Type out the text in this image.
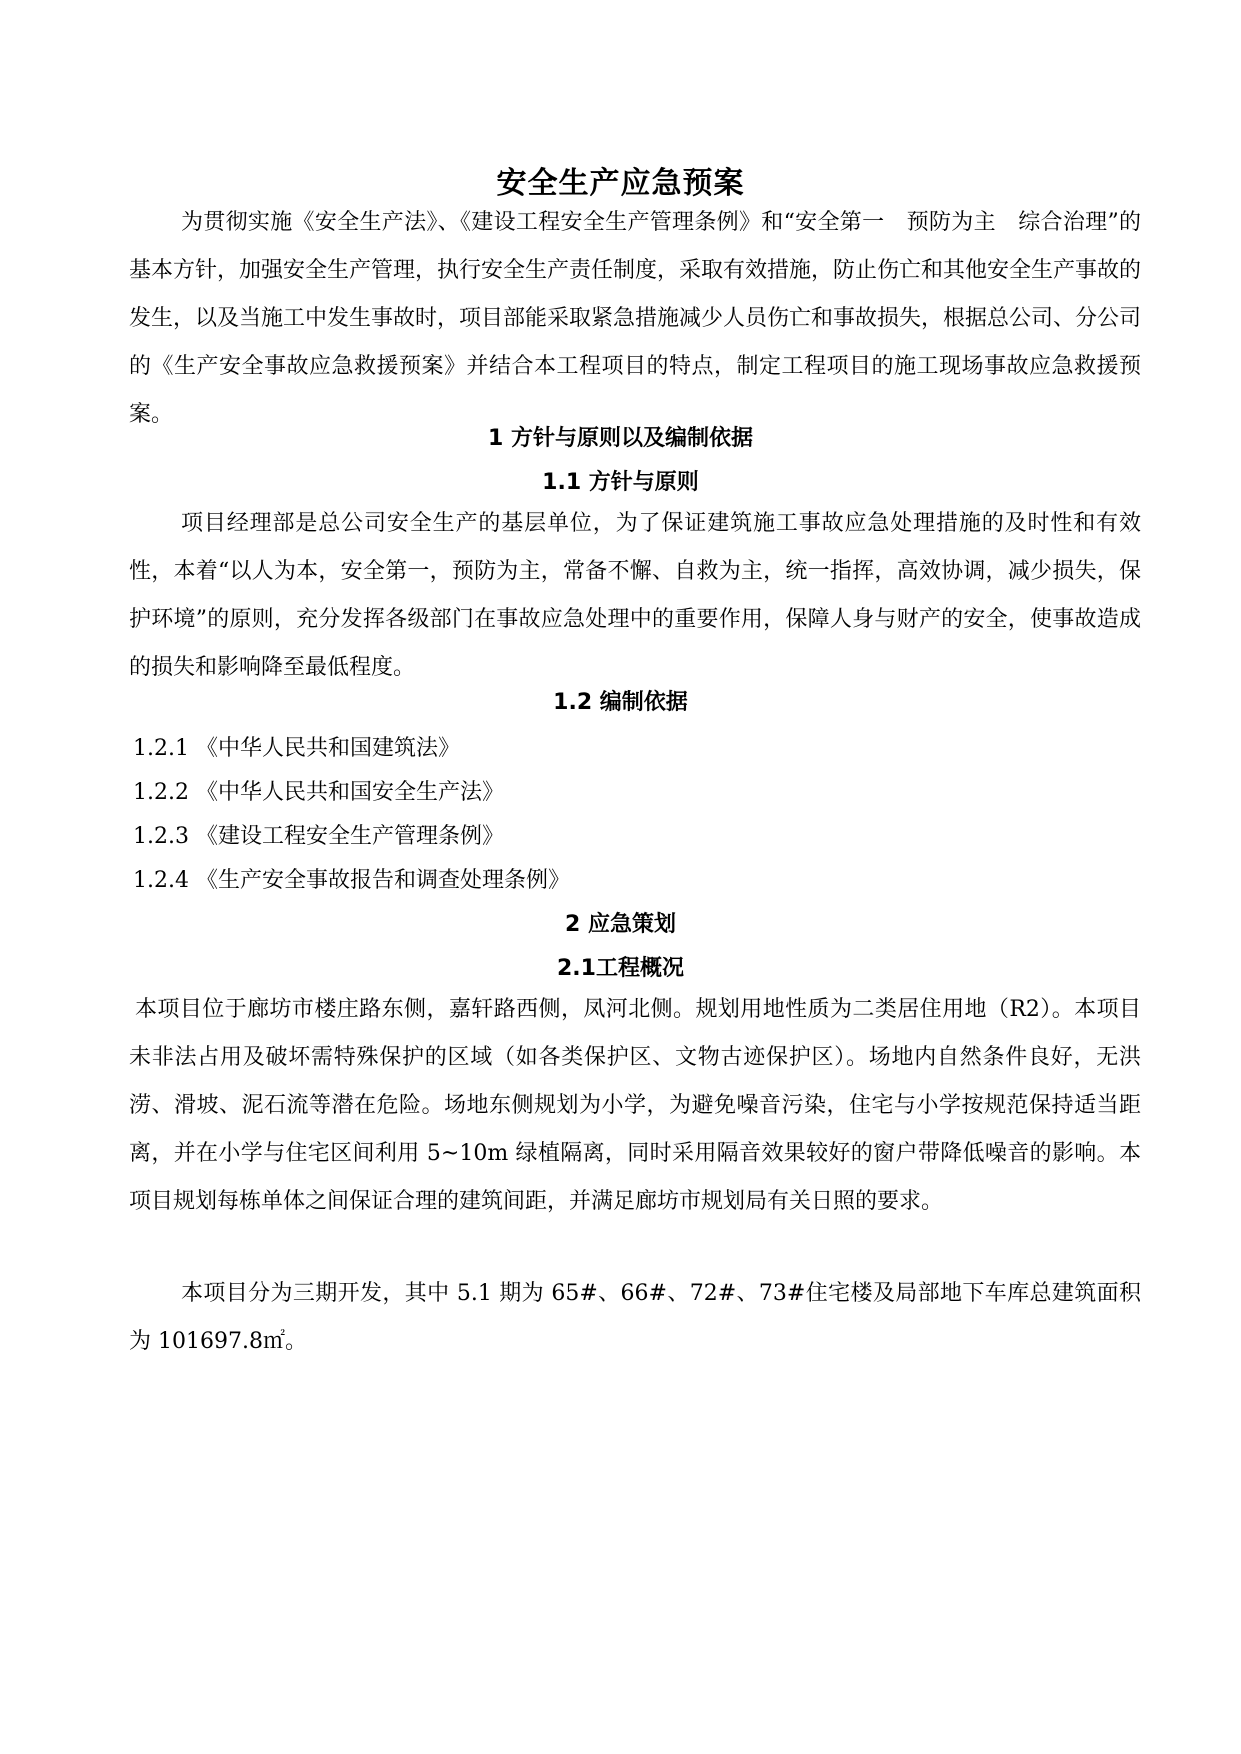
安全生产应急预案
为贯彻实施《安全生产法》、《建设工程安全生产管理条例》和“安全第一　预防为主　综合治理”的基本方针，加强安全生产管理，执行安全生产责任制度，采取有效措施，防止伤亡和其他安全生产事故的发生，以及当施工中发生事故时，项目部能采取紧急措施减少人员伤亡和事故损失，根据总公司、分公司的《生产安全事故应急救援预案》并结合本工程项目的特点，制定工程项目的施工现场事故应急救援预案。
1 方针与原则以及编制依据
1.1 方针与原则
项目经理部是总公司安全生产的基层单位，为了保证建筑施工事故应急处理措施的及时性和有效性，本着“以人为本，安全第一，预防为主，常备不懈、自救为主，统一指挥，高效协调，减少损失，保护环境”的原则，充分发挥各级部门在事故应急处理中的重要作用，保障人身与财产的安全，使事故造成的损失和影响降至最低程度。
1.2 编制依据
1.2.1 《中华人民共和国建筑法》
1.2.2 《中华人民共和国安全生产法》
1.2.3 《建设工程安全生产管理条例》
1.2.4 《生产安全事故报告和调查处理条例》
2 应急策划
2.1工程概况
本项目位于廊坊市楼庄路东侧，嘉轩路西侧，凤河北侧。规划用地性质为二类居住用地（R2）。本项目未非法占用及破坏需特殊保护的区域（如各类保护区、文物古迹保护区）。场地内自然条件良好，无洪涝、滑坡、泥石流等潜在危险。场地东侧规划为小学，为避免噪音污染，住宅与小学按规范保持适当距离，并在小学与住宅区间利用 5~10m 绿植隔离，同时采用隔音效果较好的窗户带降低噪音的影响。本项目规划每栋单体之间保证合理的建筑间距，并满足廊坊市规划局有关日照的要求。
本项目分为三期开发，其中 5.1 期为 65#、66#、72#、73#住宅楼及局部地下车库总建筑面积为 101697.8㎡。
